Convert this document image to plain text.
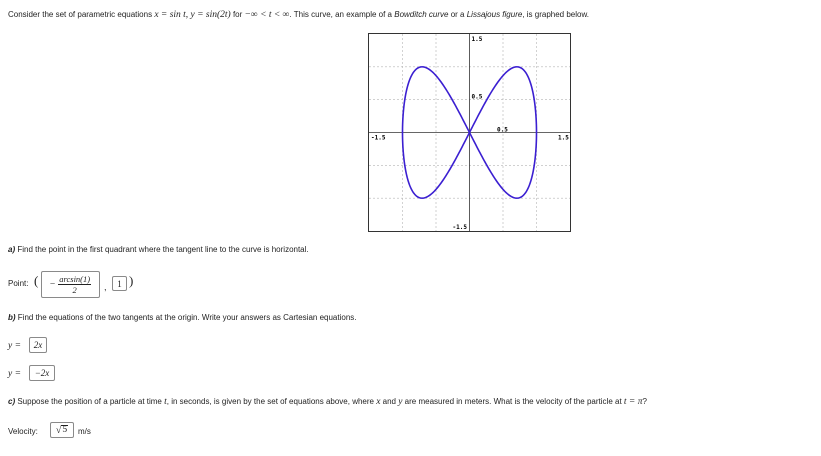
Consider the set of parametric equations x = sin t, y = sin(2t) for −∞ < t < ∞. This curve, an example of a Bowditch curve or a Lissajous figure, is graphed below.
-1.5
0.5
1.5
1.5
0.5
-1.5
a) Find the point in the first quadrant where the tangent line to the curve is horizontal.
Point: ( − $\frac{\arcsin(1)}{2}$ ,	1 )
b) Find the equations of the two tangents at the origin. Write your answers as Cartesian equations.
y =	2x
y =	−2x
c) Suppose the position of a particle at time t, in seconds, is given by the set of equations above, where x and y are measured in meters. What is the velocity of the particle at t = π?
Velocity: √ 5 m/s
